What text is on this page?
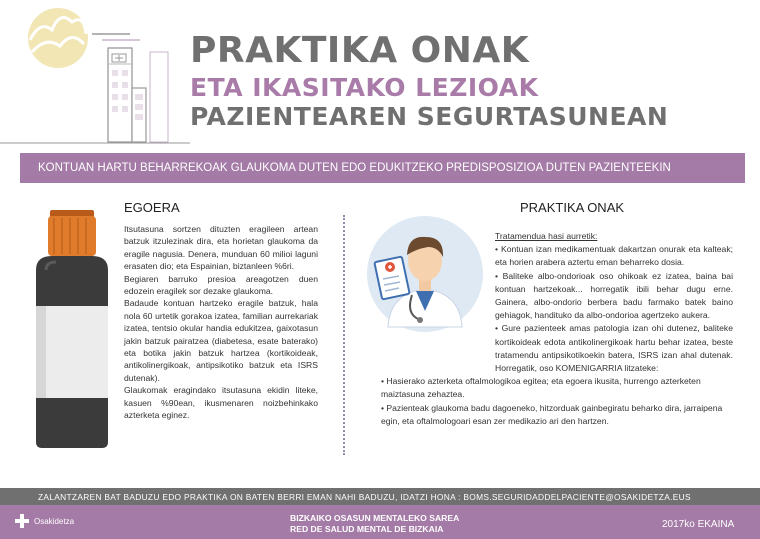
PRAKTIKA ONAK
ETA IKASITAKO LEZIOAK
PAZIENTEAREN SEGURTASUNEAN
KONTUAN HARTU BEHARREKOAK GLAUKOMA DUTEN EDO EDUKITZEKO PREDISPOSIZIOA DUTEN PAZIENTEEKIN
EGOERA

Itsutasuna sortzen dituzten eragileen artean batzuk itzulezinak dira, eta horietan glaukoma da eragile nagusia. Denera, munduan 60 milioi laguni erasaten dio; eta Espainian, biztanleen %6ri.

Begiaren barruko presioa areagotzen duen edozein eragilek sor dezake glaukoma.

Badaude kontuan hartzeko eragile batzuk, hala nola 60 urtetik gorakoa izatea, familian aurrekariak izatea, tentsio okular handia edukitzea, gaixotasun jakin batzuk pairatzea (diabetesa, esate baterako) eta botika jakin batzuk hartzea (kortikoideak, antikolinergikoak, antipsikotiko batzuk eta ISRS dutenak).

Glaukomak eragindako itsutasuna ekidin liteke, kasuen %90ean, ikusmenaren noizbehinkako azterketa eginez.

PRAKTIKA ONAK

Tratamendua hasi aurretik:

• Kontuan izan medikamentuak dakartzan onurak eta kalteak; eta horien arabera aztertu eman beharreko dosia.

• Baliteke albo-ondorioak oso ohikoak ez izatea, baina bai kontuan hartzekoak... horregatik ibili behar dugu erne. Gainera, albo-ondorio berbera badu farmako batek baino gehiagok, handituko da albo-ondorioa agertzeko aukera.

• Gure pazienteek amas patologia izan ohi dutenez, baliteke kortikoideak edota antikolinergikoak hartu behar izatea, beste tratamendu antipsikotikoekin batera, ISRS izan ahal dutenak. Horregatik, oso KOMENIGARRIA litzateke:

• Hasierako azterketa oftalmologikoa egitea; eta egoera ikusita, hurrengo azterketen maiztasuna zehaztea.

• Pazienteak glaukoma badu dagoeneko, hitzorduak gainbegiratu beharko dira, jarraipena egin, eta oftalmologoari esan zer medikazio ari den hartzen.

ZALANTZAREN BAT BADUZU EDO PRAKTIKA ON BATEN BERRI EMAN NAHI BADUZU, IDATZI HONA : BOMS.SEGURIDADDELPACIENTE@OSAKIDETZA.EUS
Osakidetza	BIZKAIKO OSASUN MENTALEKO SAREA
RED DE SALUD MENTAL DE BIZKAIA	2017ko EKAINA
